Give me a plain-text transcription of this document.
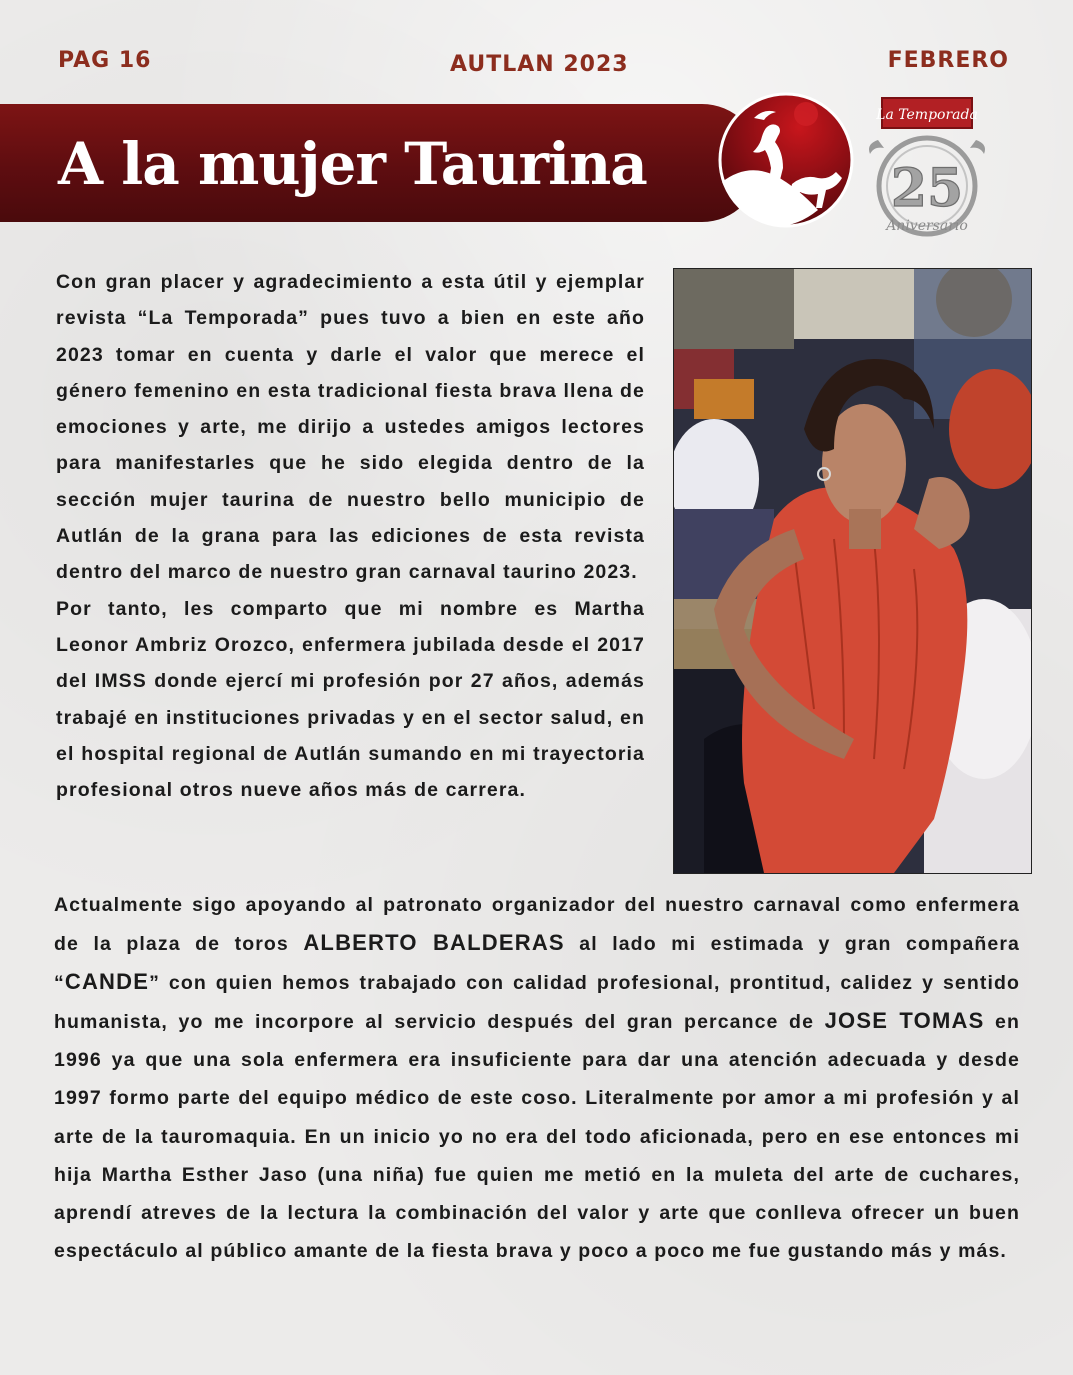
PAG 16	AUTLAN 2023	FEBRERO
A la mujer Taurina
La Temporada
25
Aniversario

Con gran placer y agradecimiento a esta útil y ejemplar revista “La Temporada” pues tuvo a bien en este año 2023 tomar en cuenta y darle el valor que merece el género femenino en esta tradicional fiesta brava llena de emociones y arte, me dirijo a ustedes amigos lectores para manifestarles que he sido elegida dentro de la sección mujer taurina de nuestro bello municipio de Autlán de la grana para las ediciones de esta revista dentro del marco de nuestro gran carnaval taurino 2023.

Por tanto, les comparto que mi nombre es Martha Leonor Ambriz Orozco, enfermera jubilada desde el 2017 del IMSS donde ejercí mi profesión por 27 años, además trabajé en instituciones privadas y en el sector salud, en el hospital regional de Autlán sumando en mi trayectoria profesional otros nueve años más de carrera.

Actualmente sigo apoyando al patronato organizador del nuestro carnaval como enfermera de la plaza de toros ALBERTO BALDERAS al lado mi estimada y gran compañera “CANDE” con quien hemos trabajado con calidad profesional, prontitud, calidez y sentido humanista, yo me incorpore al servicio después del gran percance de JOSE TOMAS en 1996 ya que una sola enfermera era insuficiente para dar una atención adecuada y desde 1997 formo parte del equipo médico de este coso. Literalmente por amor a mi profesión y al arte de la tauromaquia. En un inicio yo no era del todo aficionada, pero en ese entonces mi hija Martha Esther Jaso (una niña) fue quien me metió en la muleta del arte de cuchares, aprendí atreves de la lectura la combinación del valor y arte que conlleva ofrecer un buen espectáculo al público amante de la fiesta brava y poco a poco me fue gustando más y más.
